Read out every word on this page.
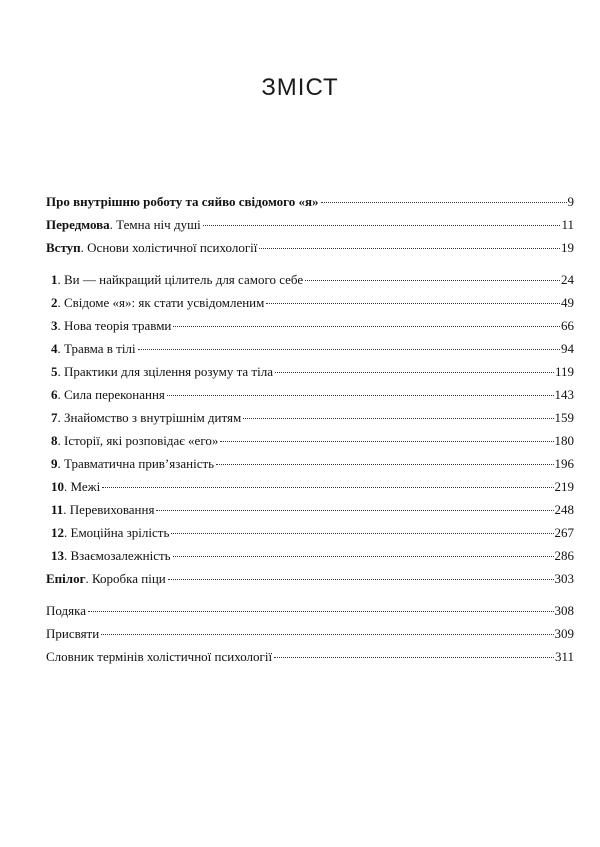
ЗМІСТ
Про внутрішню роботу та сяйво свідомого «я»	9
Передмова. Темна ніч душі	11
Вступ. Основи холістичної психології	19
1. Ви — найкращий цілитель для самого себе	24
2. Свідоме «я»: як стати усвідомленим	49
3. Нова теорія травми	66
4. Травма в тілі	94
5. Практики для зцілення розуму та тіла	119
6. Сила переконання	143
7. Знайомство з внутрішнім дитям	159
8. Історії, які розповідає «его»	180
9. Травматична прив’язаність	196
10. Межі	219
11. Перевиховання	248
12. Емоційна зрілість	267
13. Взаємозалежність	286
Епілог. Коробка піци	303
Подяка	308
Присвяти	309
Словник термінів холістичної психології	311
